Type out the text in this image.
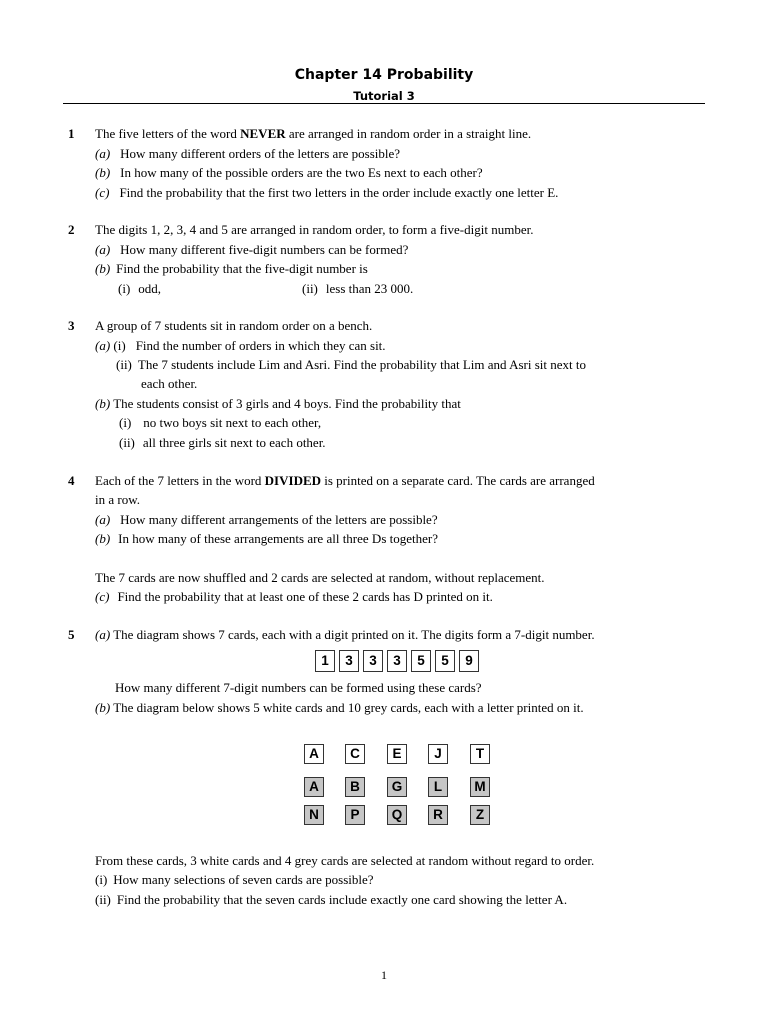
Chapter 14 Probability
Tutorial 3
1 The five letters of the word NEVER are arranged in random order in a straight line.
(a) How many different orders of the letters are possible?
(b) In how many of the possible orders are the two Es next to each other?
(c) Find the probability that the first two letters in the order include exactly one letter E.
2 The digits 1, 2, 3, 4 and 5 are arranged in random order, to form a five-digit number.
(a) How many different five-digit numbers can be formed?
(b) Find the probability that the five-digit number is
(i) odd,	(ii) less than 23 000.
3 A group of 7 students sit in random order on a bench.
(a) (i) Find the number of orders in which they can sit.
(ii) The 7 students include Lim and Asri. Find the probability that Lim and Asri sit next to
each other.
(b) The students consist of 3 girls and 4 boys. Find the probability that
(i) no two boys sit next to each other,
(ii) all three girls sit next to each other.
4 Each of the 7 letters in the word DIVIDED is printed on a separate card. The cards are arranged
in a row.
(a) How many different arrangements of the letters are possible?
(b) In how many of these arrangements are all three Ds together?
The 7 cards are now shuffled and 2 cards are selected at random, without replacement.
(c) Find the probability that at least one of these 2 cards has D printed on it.
5 (a) The diagram shows 7 cards, each with a digit printed on it. The digits form a 7-digit number.
1	3	3	3	5	5	9
How many different 7-digit numbers can be formed using these cards?
(b) The diagram below shows 5 white cards and 10 grey cards, each with a letter printed on it.
A	C	E	J	T
A	B	G	L	M
N	P	Q	R	Z
From these cards, 3 white cards and 4 grey cards are selected at random without regard to order.
(i) How many selections of seven cards are possible?
(ii) Find the probability that the seven cards include exactly one card showing the letter A.
1
